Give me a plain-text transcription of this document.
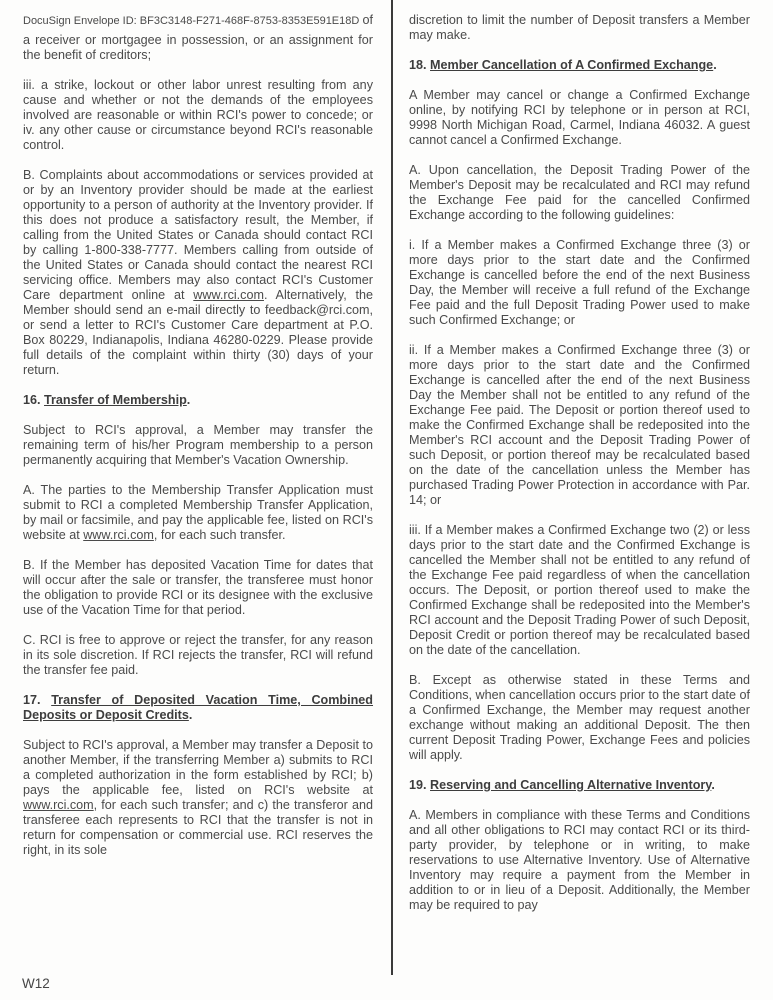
DocuSign Envelope ID: BF3C3148-F271-468F-8753-8353E591E18D of

a receiver or mortgagee in possession, or an assignment for the benefit of creditors;

iii. a strike, lockout or other labor unrest resulting from any cause and whether or not the demands of the employees involved are reasonable or within RCI's power to concede; or iv. any other cause or circumstance beyond RCI's reasonable control.

B. Complaints about accommodations or services provided at or by an Inventory provider should be made at the earliest opportunity to a person of authority at the Inventory provider. If this does not produce a satisfactory result, the Member, if calling from the United States or Canada should contact RCI by calling 1-800-338-7777. Members calling from outside of the United States or Canada should contact the nearest RCI servicing office. Members may also contact RCI's Customer Care department online at www.rci.com. Alternatively, the Member should send an e-mail directly to feedback@rci.com, or send a letter to RCI's Customer Care department at P.O. Box 80229, Indianapolis, Indiana 46280-0229. Please provide full details of the complaint within thirty (30) days of your return.

16. Transfer of Membership.

Subject to RCI's approval, a Member may transfer the remaining term of his/her Program membership to a person permanently acquiring that Member's Vacation Ownership.

A. The parties to the Membership Transfer Application must submit to RCI a completed Membership Transfer Application, by mail or facsimile, and pay the applicable fee, listed on RCI's website at www.rci.com, for each such transfer.

B. If the Member has deposited Vacation Time for dates that will occur after the sale or transfer, the transferee must honor the obligation to provide RCI or its designee with the exclusive use of the Vacation Time for that period.

C. RCI is free to approve or reject the transfer, for any reason in its sole discretion. If RCI rejects the transfer, RCI will refund the transfer fee paid.

17. Transfer of Deposited Vacation Time, Combined Deposits or Deposit Credits.

Subject to RCI's approval, a Member may transfer a Deposit to another Member, if the transferring Member a) submits to RCI a completed authorization in the form established by RCI; b) pays the applicable fee, listed on RCI's website at www.rci.com, for each such transfer; and c) the transferor and transferee each represents to RCI that the transfer is not in return for compensation or commercial use. RCI reserves the right, in its sole

discretion to limit the number of Deposit transfers a Member may make.

18. Member Cancellation of A Confirmed Exchange.

A Member may cancel or change a Confirmed Exchange online, by notifying RCI by telephone or in person at RCI, 9998 North Michigan Road, Carmel, Indiana 46032. A guest cannot cancel a Confirmed Exchange.

A. Upon cancellation, the Deposit Trading Power of the Member's Deposit may be recalculated and RCI may refund the Exchange Fee paid for the cancelled Confirmed Exchange according to the following guidelines:

i. If a Member makes a Confirmed Exchange three (3) or more days prior to the start date and the Confirmed Exchange is cancelled before the end of the next Business Day, the Member will receive a full refund of the Exchange Fee paid and the full Deposit Trading Power used to make such Confirmed Exchange; or

ii. If a Member makes a Confirmed Exchange three (3) or more days prior to the start date and the Confirmed Exchange is cancelled after the end of the next Business Day the Member shall not be entitled to any refund of the Exchange Fee paid. The Deposit or portion thereof used to make the Confirmed Exchange shall be redeposited into the Member's RCI account and the Deposit Trading Power of such Deposit, or portion thereof may be recalculated based on the date of the cancellation unless the Member has purchased Trading Power Protection in accordance with Par. 14; or

iii. If a Member makes a Confirmed Exchange two (2) or less days prior to the start date and the Confirmed Exchange is cancelled the Member shall not be entitled to any refund of the Exchange Fee paid regardless of when the cancellation occurs. The Deposit, or portion thereof used to make the Confirmed Exchange shall be redeposited into the Member's RCI account and the Deposit Trading Power of such Deposit, Deposit Credit or portion thereof may be recalculated based on the date of the cancellation.

B. Except as otherwise stated in these Terms and Conditions, when cancellation occurs prior to the start date of a Confirmed Exchange, the Member may request another exchange without making an additional Deposit. The then current Deposit Trading Power, Exchange Fees and policies will apply.

19. Reserving and Cancelling Alternative Inventory.

A. Members in compliance with these Terms and Conditions and all other obligations to RCI may contact RCI or its third-party provider, by telephone or in writing, to make reservations to use Alternative Inventory. Use of Alternative Inventory may require a payment from the Member in addition to or in lieu of a Deposit. Additionally, the Member may be required to pay

W12
